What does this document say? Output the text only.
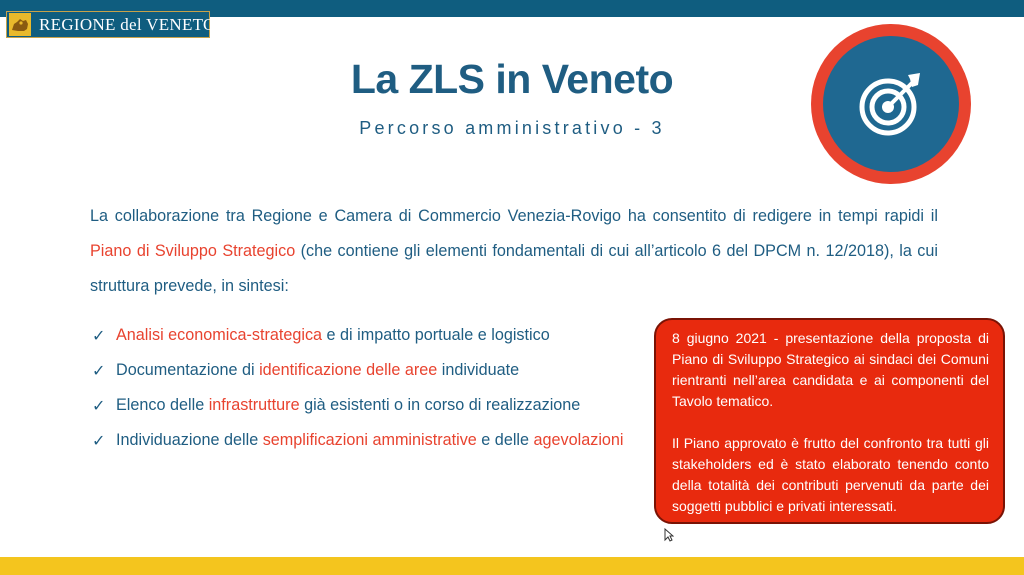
REGIONE del VENETO
La ZLS in Veneto
Percorso amministrativo - 3
La collaborazione tra Regione e Camera di Commercio Venezia-Rovigo ha consentito di redigere in tempi rapidi il Piano di Sviluppo Strategico (che contiene gli elementi fondamentali di cui all’articolo 6 del DPCM n. 12/2018), la cui struttura prevede, in sintesi:
✓ Analisi economica-strategica e di impatto portuale e logistico
✓ Documentazione di identificazione delle aree individuate
✓ Elenco delle infrastrutture già esistenti o in corso di realizzazione
✓ Individuazione delle semplificazioni amministrative e delle agevolazioni

8 giugno 2021 - presentazione della proposta di Piano di Sviluppo Strategico ai sindaci dei Comuni rientranti nell’area candidata e ai componenti del Tavolo tematico.

Il Piano approvato è frutto del confronto tra tutti gli stakeholders ed è stato elaborato tenendo conto della totalità dei contributi pervenuti da parte dei soggetti pubblici e privati interessati.
